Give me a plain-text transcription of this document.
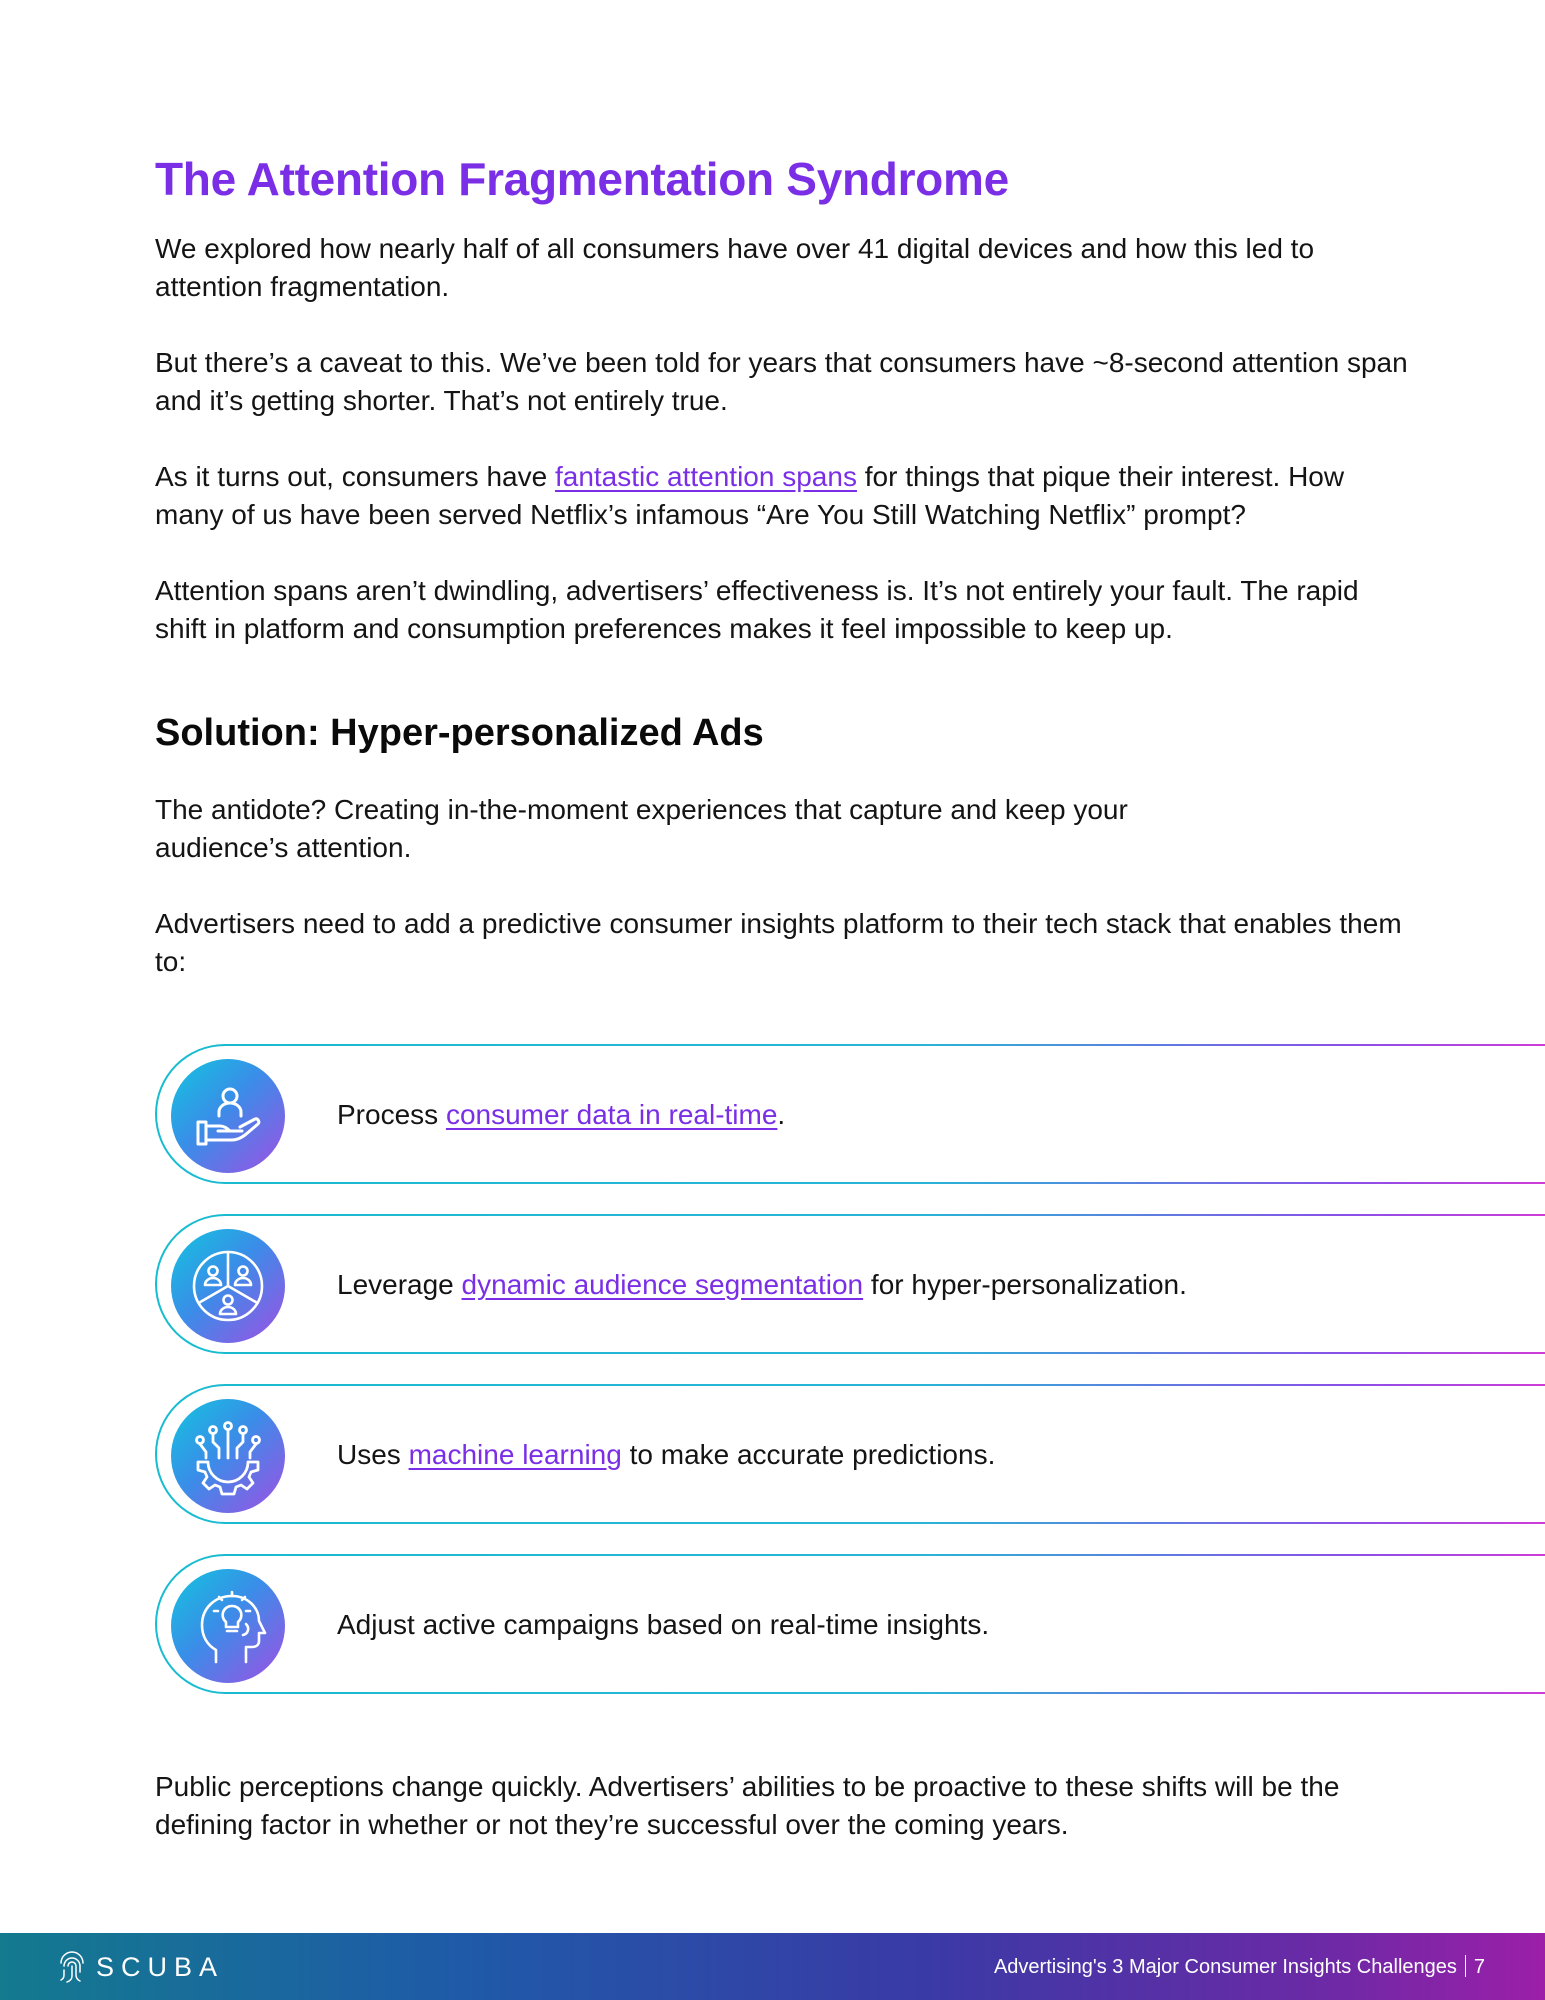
The Attention Fragmentation Syndrome

We explored how nearly half of all consumers have over 41 digital devices and how this led to attention fragmentation.

But there’s a caveat to this. We’ve been told for years that consumers have ~8-second attention span and it’s getting shorter. That’s not entirely true.

As it turns out, consumers have fantastic attention spans for things that pique their interest. How many of us have been served Netflix’s infamous “Are You Still Watching Netflix” prompt?

Attention spans aren’t dwindling, advertisers’ effectiveness is. It’s not entirely your fault. The rapid shift in platform and consumption preferences makes it feel impossible to keep up.

Solution: Hyper-personalized Ads

The antidote? Creating in-the-moment experiences that capture and keep your audience’s attention.

Advertisers need to add a predictive consumer insights platform to their tech stack that enables them to:

Process consumer data in real-time.

Leverage dynamic audience segmentation for hyper-personalization.

Uses machine learning to make accurate predictions.

Adjust active campaigns based on real-time insights.

Public perceptions change quickly. Advertisers’ abilities to be proactive to these shifts will be the defining factor in whether or not they’re successful over the coming years.

SCUBA	Advertising's 3 Major Consumer Insights Challenges 7
